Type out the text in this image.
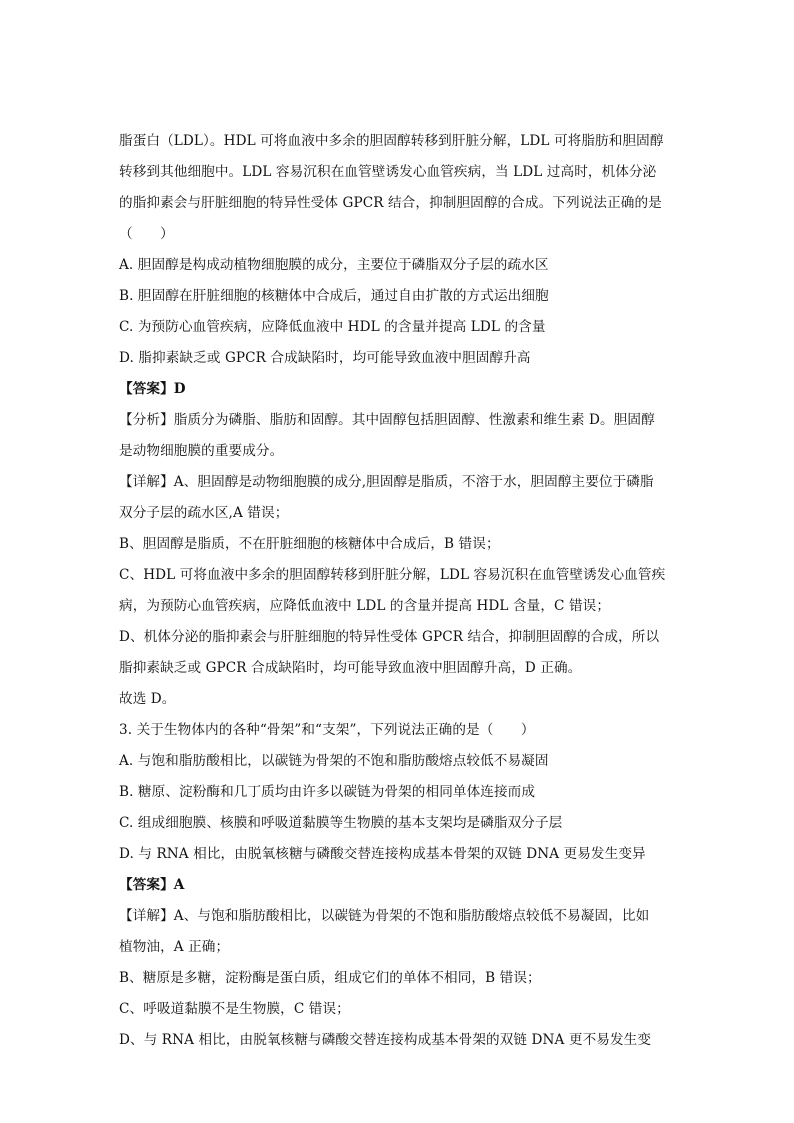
脂蛋白（LDL）。HDL 可将血液中多余的胆固醇转移到肝脏分解，LDL 可将脂肪和胆固醇
转移到其他细胞中。LDL 容易沉积在血管壁诱发心血管疾病，当 LDL 过高时，机体分泌
的脂抑素会与肝脏细胞的特异性受体 GPCR 结合，抑制胆固醇的合成。下列说法正确的是
（　　）
A. 胆固醇是构成动植物细胞膜的成分，主要位于磷脂双分子层的疏水区
B. 胆固醇在肝脏细胞的核糖体中合成后，通过自由扩散的方式运出细胞
C. 为预防心血管疾病，应降低血液中 HDL 的含量并提高 LDL 的含量
D. 脂抑素缺乏或 GPCR 合成缺陷时，均可能导致血液中胆固醇升高
【答案】D
【分析】脂质分为磷脂、脂肪和固醇。其中固醇包括胆固醇、性激素和维生素 D。胆固醇
是动物细胞膜的重要成分。
【详解】A、胆固醇是动物细胞膜的成分,胆固醇是脂质，不溶于水，胆固醇主要位于磷脂
双分子层的疏水区,A 错误；
B、胆固醇是脂质，不在肝脏细胞的核糖体中合成后，B 错误；
C、HDL 可将血液中多余的胆固醇转移到肝脏分解，LDL 容易沉积在血管壁诱发心血管疾
病，为预防心血管疾病，应降低血液中 LDL 的含量并提高 HDL 含量，C 错误；
D、机体分泌的脂抑素会与肝脏细胞的特异性受体 GPCR 结合，抑制胆固醇的合成，所以
脂抑素缺乏或 GPCR 合成缺陷时，均可能导致血液中胆固醇升高，D 正确。
故选 D。
3. 关于生物体内的各种“骨架”和“支架”，下列说法正确的是（　　）
A. 与饱和脂肪酸相比，以碳链为骨架的不饱和脂肪酸熔点较低不易凝固
B. 糖原、淀粉酶和几丁质均由许多以碳链为骨架的相同单体连接而成
C. 组成细胞膜、核膜和呼吸道黏膜等生物膜的基本支架均是磷脂双分子层
D. 与 RNA 相比，由脱氧核糖与磷酸交替连接构成基本骨架的双链 DNA 更易发生变异
【答案】A
【详解】A、与饱和脂肪酸相比，以碳链为骨架的不饱和脂肪酸熔点较低不易凝固，比如
植物油，A 正确；
B、糖原是多糖，淀粉酶是蛋白质，组成它们的单体不相同，B 错误；
C、呼吸道黏膜不是生物膜，C 错误；
D、与 RNA 相比，由脱氧核糖与磷酸交替连接构成基本骨架的双链 DNA 更不易发生变
